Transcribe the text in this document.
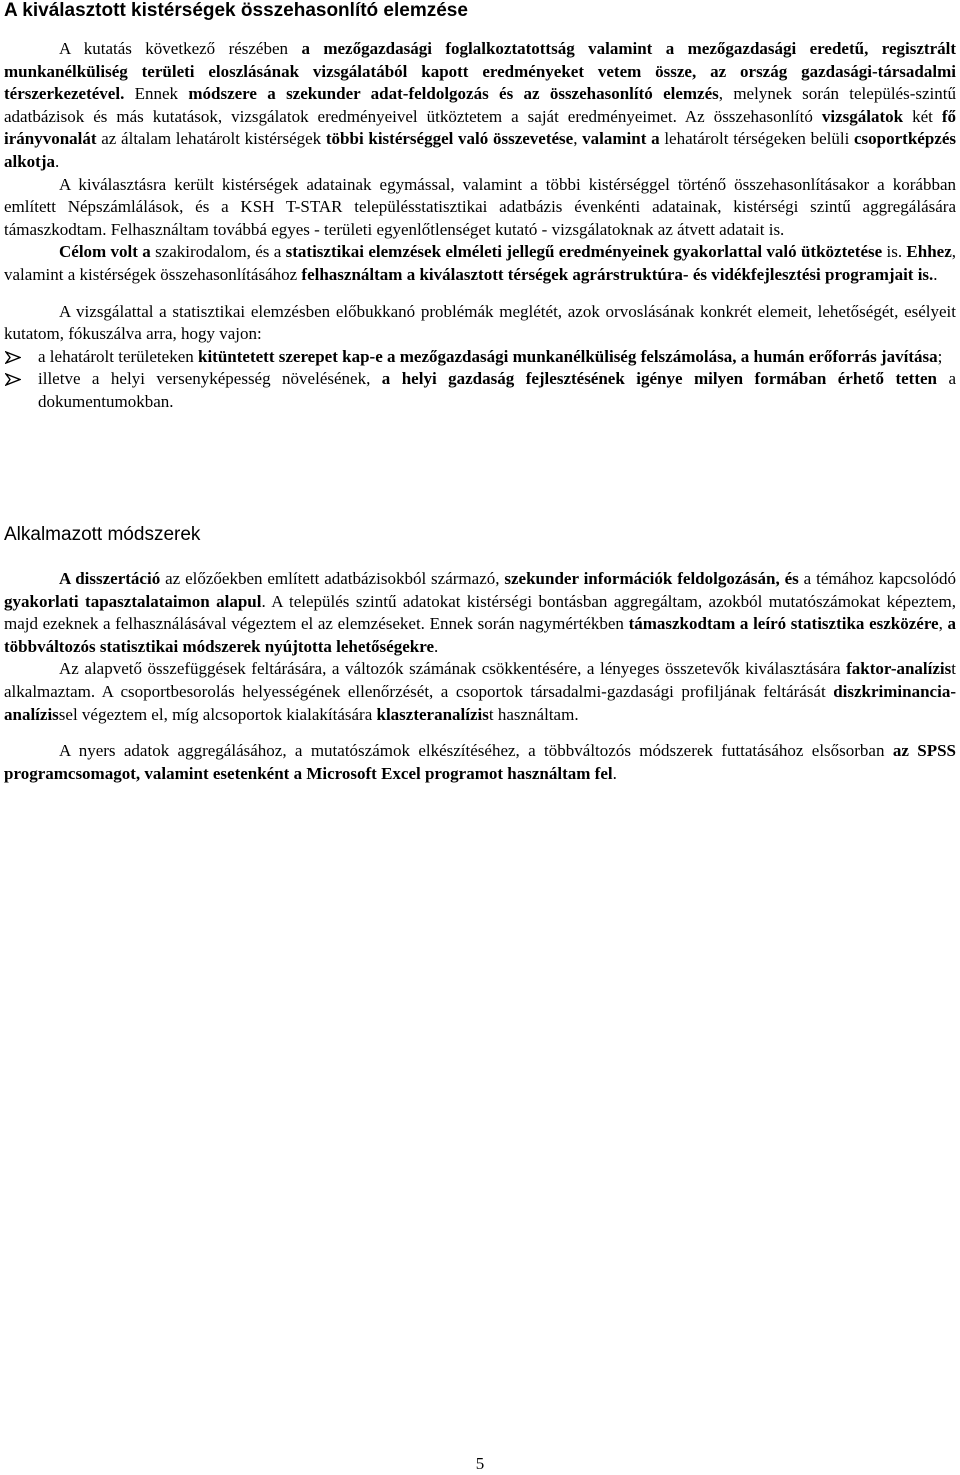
A kiválasztott kistérségek összehasonlító elemzése

A kutatás következő részében a mezőgazdasági foglalkoztatottság valamint a mezőgazdasági eredetű, regisztrált munkanélküliség területi eloszlásának vizsgálatából kapott eredményeket vetem össze, az ország gazdasági-társadalmi térszerkezetével. Ennek módszere a szekunder adat-feldolgozás és az összehasonlító elemzés, melynek során település-szintű adatbázisok és más kutatások, vizsgálatok eredményeivel ütköztetem a saját eredményeimet. Az összehasonlító vizsgálatok két fő irányvonalát az általam lehatárolt kistérségek többi kistérséggel való összevetése, valamint a lehatárolt térségeken belüli csoportképzés alkotja.

A kiválasztásra került kistérségek adatainak egymással, valamint a többi kistérséggel történő összehasonlításakor a korábban említett Népszámlálások, és a KSH T-STAR településstatisztikai adatbázis évenkénti adatainak, kistérségi szintű aggregálására támaszkodtam. Felhasználtam továbbá egyes - területi egyenlőtlenséget kutató - vizsgálatoknak az átvett adatait is.

Célom volt a szakirodalom, és a statisztikai elemzések elméleti jellegű eredményeinek gyakorlattal való ütköztetése is. Ehhez, valamint a kistérségek összehasonlításához felhasználtam a kiválasztott térségek agrárstruktúra- és vidékfejlesztési programjait is..

A vizsgálattal a statisztikai elemzésben előbukkanó problémák meglétét, azok orvoslásának konkrét elemeit, lehetőségét, esélyeit kutatom, fókuszálva arra, hogy vajon:

a lehatárolt területeken kitüntetett szerepet kap-e a mezőgazdasági munkanélküliség felszámolása, a humán erőforrás javítása;
illetve a helyi versenyképesség növelésének, a helyi gazdaság fejlesztésének igénye milyen formában érhető tetten a dokumentumokban.
Alkalmazott módszerek

A disszertáció az előzőekben említett adatbázisokból származó, szekunder információk feldolgozásán, és a témához kapcsolódó gyakorlati tapasztalataimon alapul. A település szintű adatokat kistérségi bontásban aggregáltam, azokból mutatószámokat képeztem, majd ezeknek a felhasználásával végeztem el az elemzéseket. Ennek során nagymértékben támaszkodtam a leíró statisztika eszközére, a többváltozós statisztikai módszerek nyújtotta lehetőségekre.

Az alapvető összefüggések feltárására, a változók számának csökkentésére, a lényeges összetevők kiválasztására faktor-analízist alkalmaztam. A csoportbesorolás helyességének ellenőrzését, a csoportok társadalmi-gazdasági profiljának feltárását diszkriminancia-analízissel végeztem el, míg alcsoportok kialakítására klaszteranalízist használtam.

A nyers adatok aggregálásához, a mutatószámok elkészítéséhez, a többváltozós módszerek futtatásához elsősorban az SPSS programcsomagot, valamint esetenként a Microsoft Excel programot használtam fel.

5
